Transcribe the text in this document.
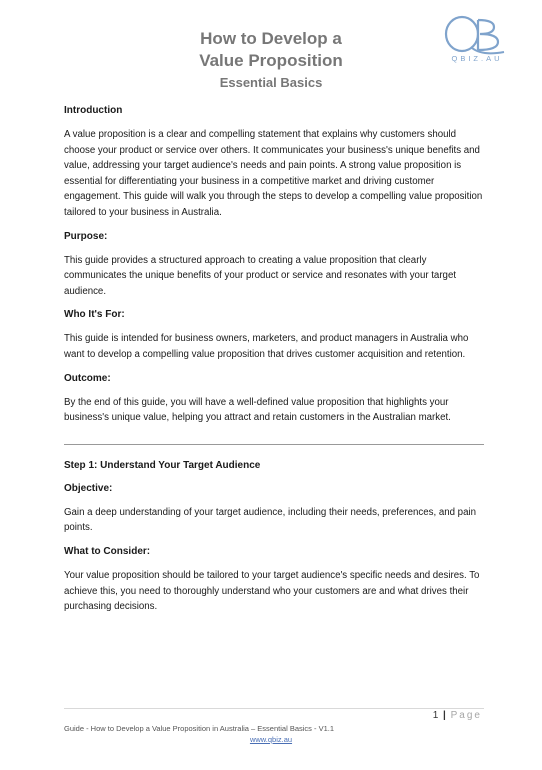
QBIZ.AU
How to Develop a
Value Proposition
Essential Basics

Introduction

A value proposition is a clear and compelling statement that explains why customers should choose your product or service over others. It communicates your business's unique benefits and value, addressing your target audience's needs and pain points. A strong value proposition is essential for differentiating your business in a competitive market and driving customer engagement. This guide will walk you through the steps to develop a compelling value proposition tailored to your business in Australia.

Purpose:

This guide provides a structured approach to creating a value proposition that clearly communicates the unique benefits of your product or service and resonates with your target audience.

Who It's For:

This guide is intended for business owners, marketers, and product managers in Australia who want to develop a compelling value proposition that drives customer acquisition and retention.

Outcome:

By the end of this guide, you will have a well-defined value proposition that highlights your business's unique value, helping you attract and retain customers in the Australian market.

Step 1: Understand Your Target Audience

Objective:

Gain a deep understanding of your target audience, including their needs, preferences, and pain points.

What to Consider:

Your value proposition should be tailored to your target audience's specific needs and desires. To achieve this, you need to thoroughly understand who your customers are and what drives their purchasing decisions.

1 | Page
Guide - How to Develop a Value Proposition in Australia – Essential Basics - V1.1
www.qbiz.au
